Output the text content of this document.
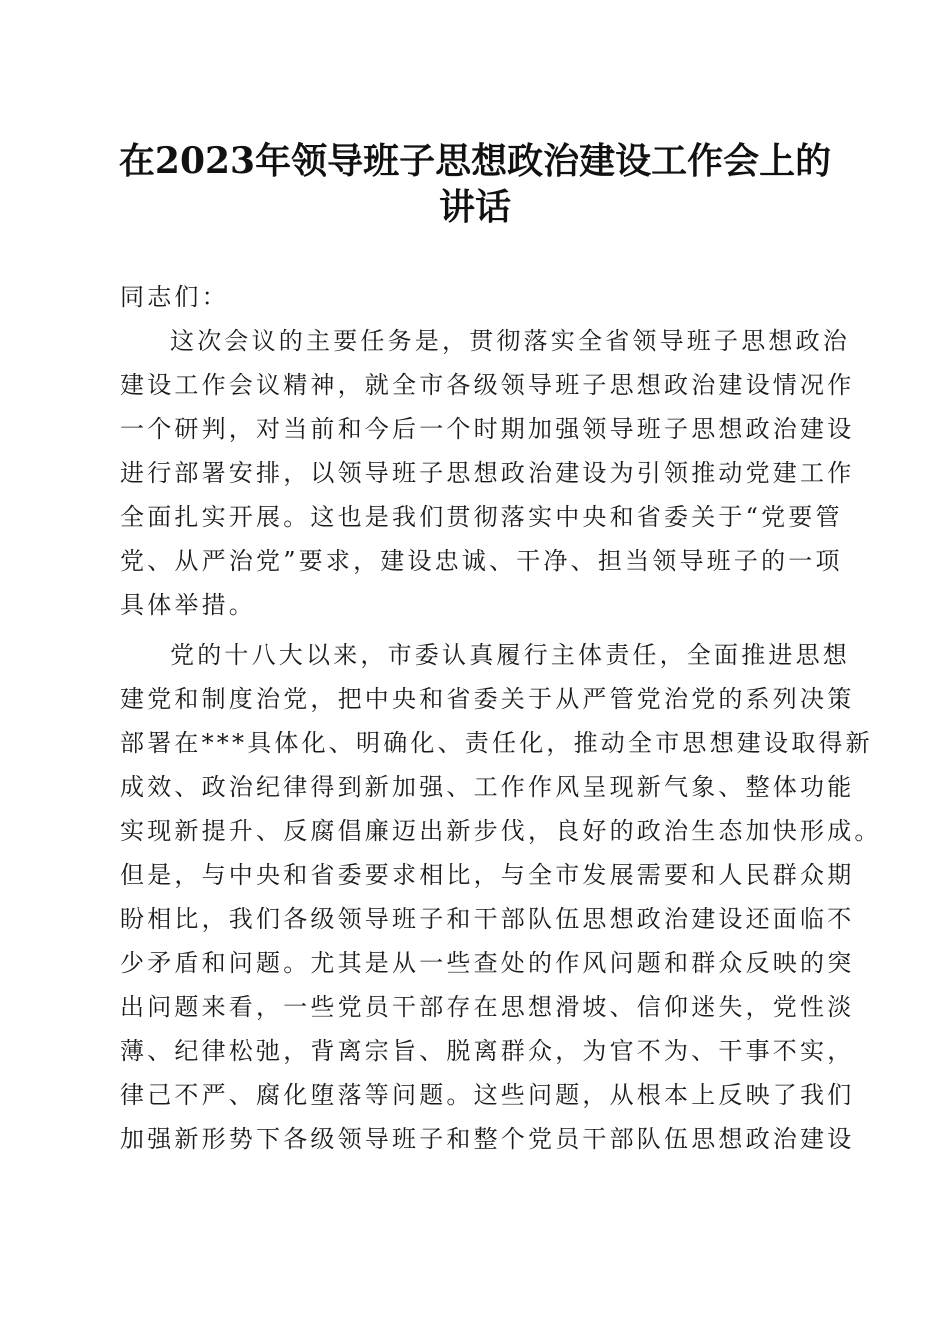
在2023年领导班子思想政治建设工作会上的
讲话
同志们：
这次会议的主要任务是，贯彻落实全省领导班子思想政治
建设工作会议精神，就全市各级领导班子思想政治建设情况作
一个研判，对当前和今后一个时期加强领导班子思想政治建设
进行部署安排，以领导班子思想政治建设为引领推动党建工作
全面扎实开展。这也是我们贯彻落实中央和省委关于“党要管
党、从严治党”要求，建设忠诚、干净、担当领导班子的一项
具体举措。
党的十八大以来，市委认真履行主体责任，全面推进思想
建党和制度治党，把中央和省委关于从严管党治党的系列决策
部署在***具体化、明确化、责任化，推动全市思想建设取得新
成效、政治纪律得到新加强、工作作风呈现新气象、整体功能
实现新提升、反腐倡廉迈出新步伐，良好的政治生态加快形成。
但是，与中央和省委要求相比，与全市发展需要和人民群众期
盼相比，我们各级领导班子和干部队伍思想政治建设还面临不
少矛盾和问题。尤其是从一些查处的作风问题和群众反映的突
出问题来看，一些党员干部存在思想滑坡、信仰迷失，党性淡
薄、纪律松弛，背离宗旨、脱离群众，为官不为、干事不实，
律己不严、腐化堕落等问题。这些问题，从根本上反映了我们
加强新形势下各级领导班子和整个党员干部队伍思想政治建设
